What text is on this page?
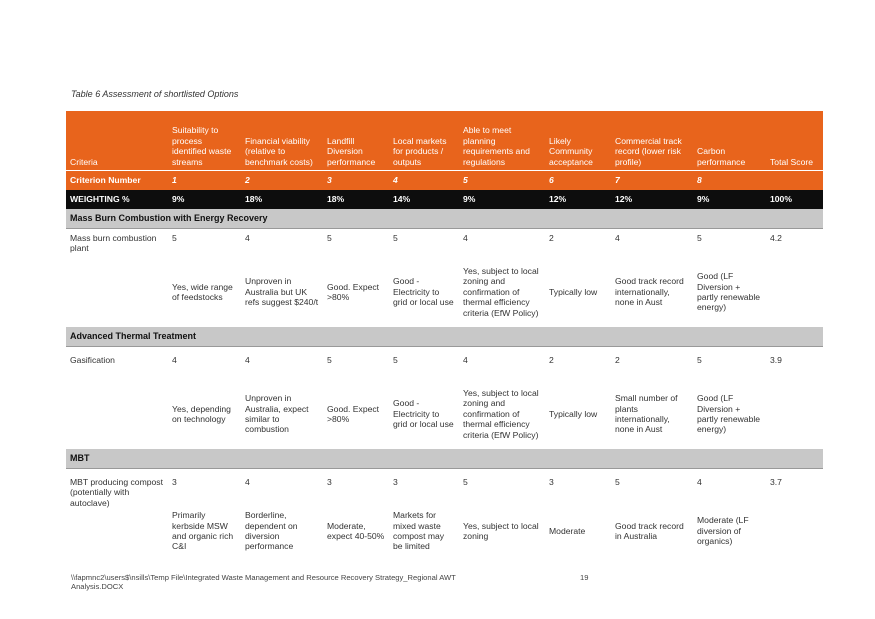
Table 6 Assessment of shortlisted Options
Criteria	Suitability to process identified waste streams	Financial viability (relative to benchmark costs)	Landfill Diversion performance	Local markets for products / outputs	Able to meet planning requirements and regulations	Likely Community acceptance	Commercial track record (lower risk profile)	Carbon performance	Total Score
Criterion Number	1	2	3	4	5	6	7	8	
WEIGHTING %	9%	18%	18%	14%	9%	12%	12%	9%	100%
Mass Burn Combustion with Energy Recovery									
Mass burn combustion plant	5	4	5	5	4	2	4	5	4.2
	Yes, wide range of feedstocks	Unproven in Australia but UK refs suggest $240/t	Good. Expect >80%	Good - Electricity to grid or local use	Yes, subject to local zoning and confirmation of thermal efficiency criteria (EfW Policy)	Typically low	Good track record internationally, none in Aust	Good (LF Diversion + partly renewable energy)	
Advanced Thermal Treatment									
Gasification	4	4	5	5	4	2	2	5	3.9
	Yes, depending on technology	Unproven in Australia, expect similar to combustion	Good. Expect >80%	Good - Electricity to grid or local use	Yes, subject to local zoning and confirmation of thermal efficiency criteria (EfW Policy)	Typically low	Small number of plants internationally, none in Aust	Good (LF Diversion + partly renewable energy)	
MBT									
MBT producing compost (potentially with autoclave)	3	4	3	3	5	3	5	4	3.7
	Primarily kerbside MSW and organic rich C&I	Borderline, dependent on diversion performance	Moderate, expect 40-50%	Markets for mixed waste compost may be limited	Yes, subject to local zoning	Moderate	Good track record in Australia	Moderate (LF diversion of organics)	
\\fapmnc2\users$\nsills\Temp File\Integrated Waste Management and Resource Recovery Strategy_Regional AWT Analysis.DOCX
19
